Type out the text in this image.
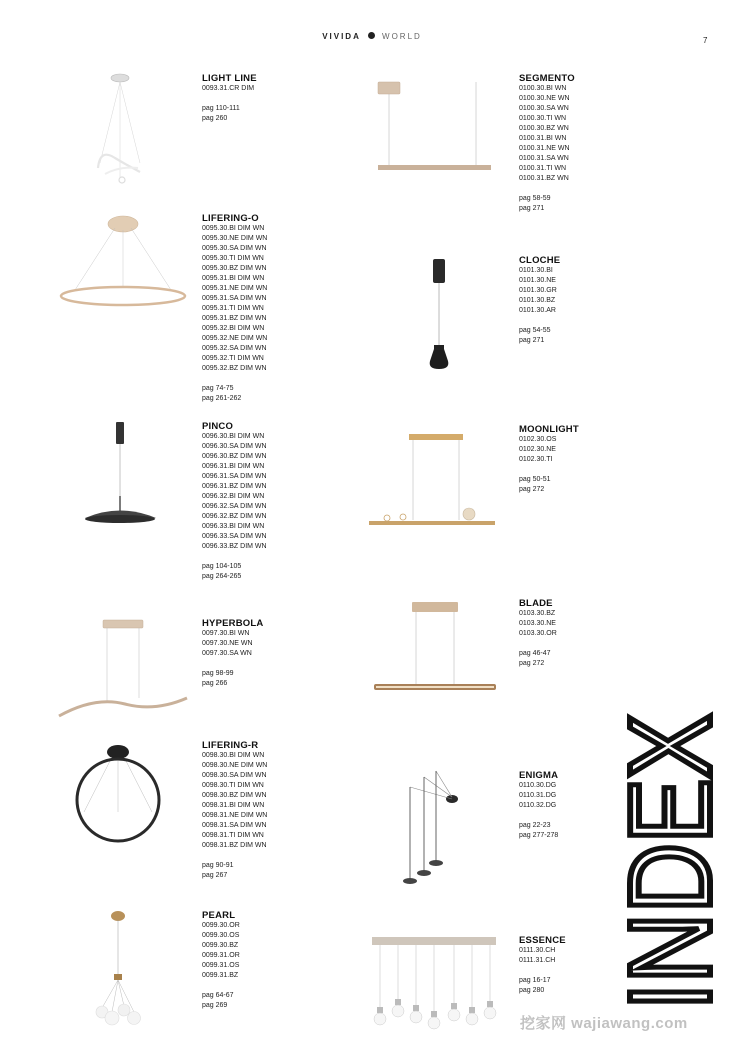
VIVIDA	WORLD	7
LIGHT LINE
0093.31.CR DIM
pag 110-111
pag 260
LIFERING-O
0095.30.BI DIM WN
0095.30.NE DIM WN
0095.30.SA DIM WN
0095.30.TI DIM WN
0095.30.BZ DIM WN
0095.31.BI DIM WN
0095.31.NE DIM WN
0095.31.SA DIM WN
0095.31.TI DIM WN
0095.31.BZ DIM WN
0095.32.BI DIM WN
0095.32.NE DIM WN
0095.32.SA DIM WN
0095.32.TI DIM WN
0095.32.BZ DIM WN
pag 74-75
pag 261-262
PINCO
0096.30.BI DIM WN
0096.30.SA DIM WN
0096.30.BZ DIM WN
0096.31.BI DIM WN
0096.31.SA DIM WN
0096.31.BZ DIM WN
0096.32.BI DIM WN
0096.32.SA DIM WN
0096.32.BZ DIM WN
0096.33.BI DIM WN
0096.33.SA DIM WN
0096.33.BZ DIM WN
pag 104-105
pag 264-265
HYPERBOLA
0097.30.BI WN
0097.30.NE WN
0097.30.SA WN
pag 98-99
pag 266
LIFERING-R
0098.30.BI DIM WN
0098.30.NE DIM WN
0098.30.SA DIM WN
0098.30.TI DIM WN
0098.30.BZ DIM WN
0098.31.BI DIM WN
0098.31.NE DIM WN
0098.31.SA DIM WN
0098.31.TI DIM WN
0098.31.BZ DIM WN
pag 90-91
pag 267
PEARL
0099.30.OR
0099.30.OS
0099.30.BZ
0099.31.OR
0099.31.OS
0099.31.BZ
pag 64-67
pag 269
SEGMENTO
0100.30.BI WN
0100.30.NE WN
0100.30.SA WN
0100.30.TI WN
0100.30.BZ WN
0100.31.BI WN
0100.31.NE WN
0100.31.SA WN
0100.31.TI WN
0100.31.BZ WN
pag 58-59
pag 271
CLOCHE
0101.30.BI
0101.30.NE
0101.30.GR
0101.30.BZ
0101.30.AR
pag 54-55
pag 271
MOONLIGHT
0102.30.OS
0102.30.NE
0102.30.TI
pag 50-51
pag 272
BLADE
0103.30.BZ
0103.30.NE
0103.30.OR
pag 46-47
pag 272
ENIGMA
0110.30.DG
0110.31.DG
0110.32.DG
pag 22-23
pag 277-278
ESSENCE
0111.30.CH
0111.31.CH
pag 16-17
pag 280 INDEX
挖家网 wajiawang.com
